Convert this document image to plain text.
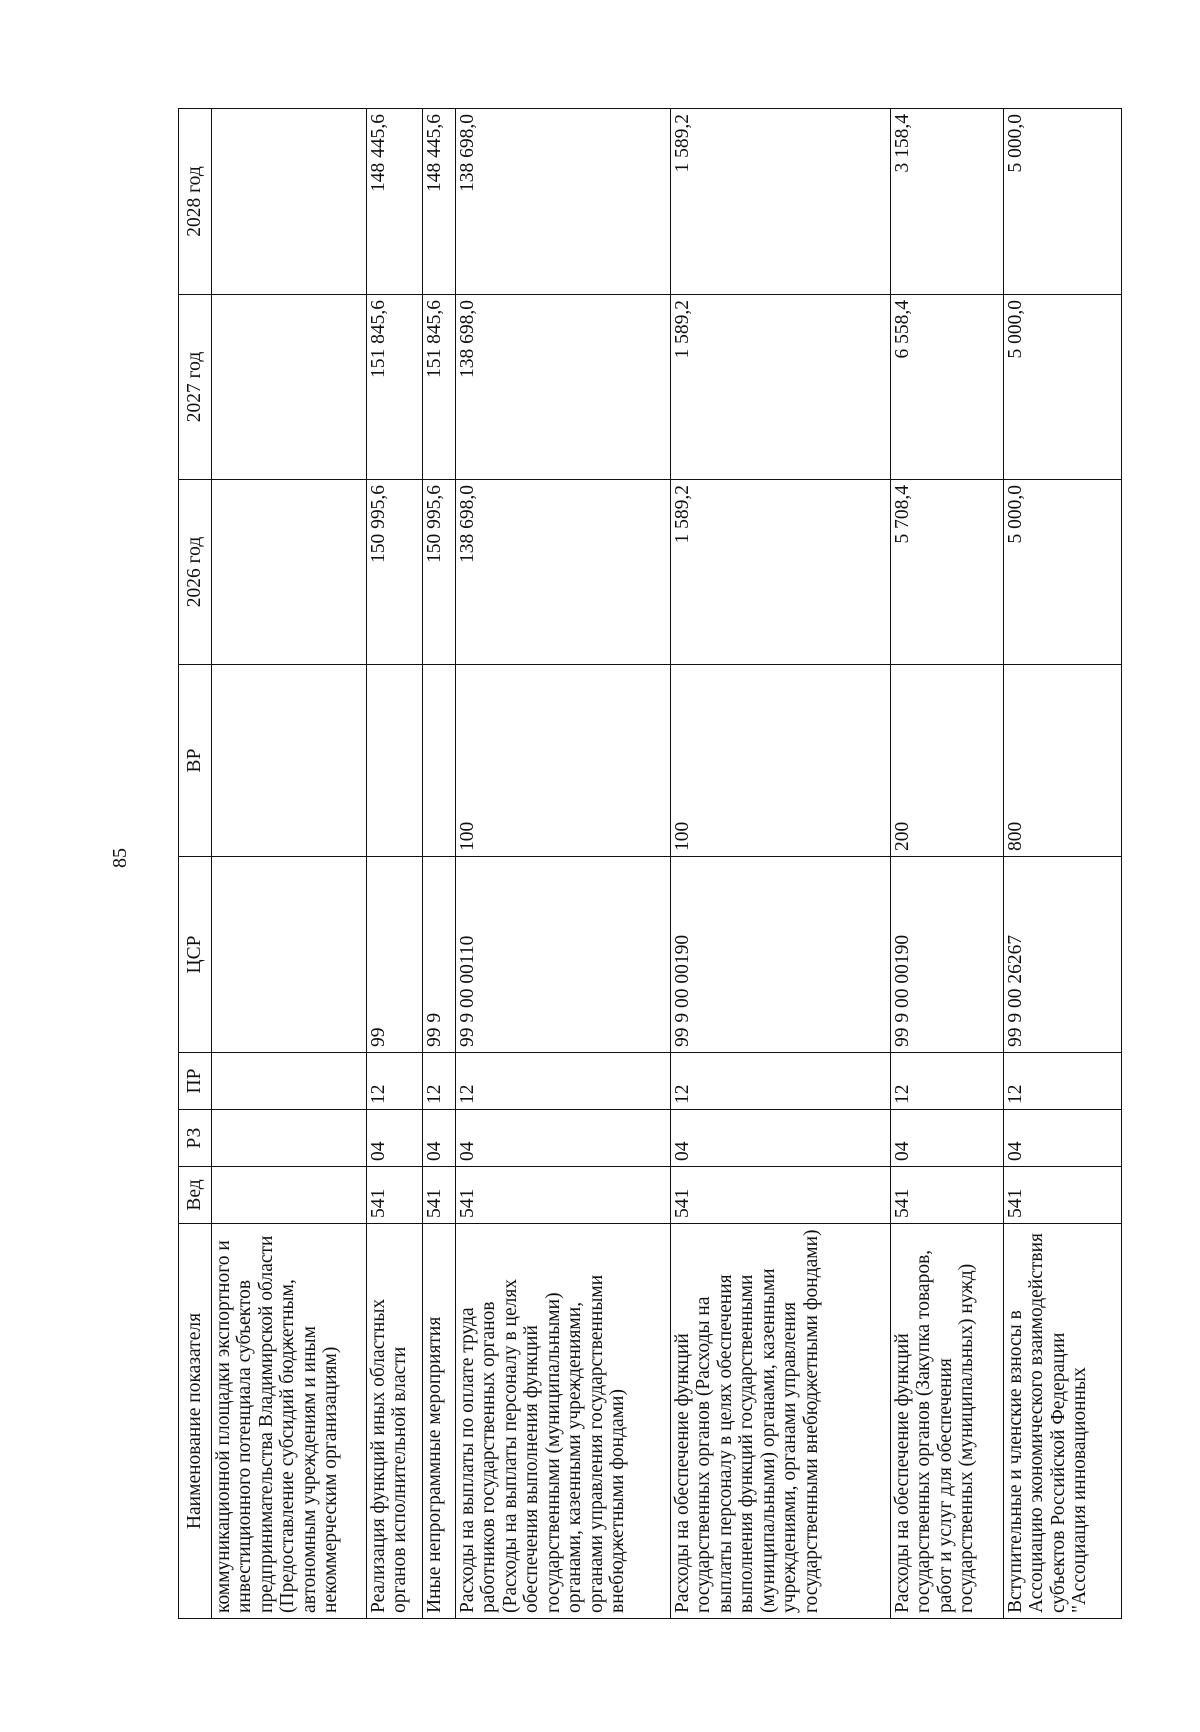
85
Наименование показателя	Вед	РЗ	ПР	ЦСР	ВР	2026 год	2027 год	2028 год
коммуникационной площадки экспортного и инвестиционного потенциала субъектов предпринимательства Владимирской области (Предоставление субсидий бюджетным, автономным учреждениям и иным некоммерческим организациям)								
Реализация функций иных областных органов исполнительной власти	541	04	12	99		150 995,6	151 845,6	148 445,6
Иные непрограммные мероприятия	541	04	12	99 9		150 995,6	151 845,6	148 445,6
Расходы на выплаты по оплате труда работников государственных органов (Расходы на выплаты персоналу в целях обеспечения выполнения функций государственными (муниципальными) органами, казенными учреждениями, органами управления государственными внебюджетными фондами)	541	04	12	99 9 00 00110	100	138 698,0	138 698,0	138 698,0
Расходы на обеспечение функций государственных органов (Расходы на выплаты персоналу в целях обеспечения выполнения функций государственными (муниципальными) органами, казенными учреждениями, органами управления государственными внебюджетными фондами)	541	04	12	99 9 00 00190	100	1 589,2	1 589,2	1 589,2
Расходы на обеспечение функций государственных органов (Закупка товаров, работ и услуг для обеспечения государственных (муниципальных) нужд)	541	04	12	99 9 00 00190	200	5 708,4	6 558,4	3 158,4
Вступительные и членские взносы в Ассоциацию экономического взаимодействия субъектов Российской Федерации "Ассоциация инновационных	541	04	12	99 9 00 26267	800	5 000,0	5 000,0	5 000,0
